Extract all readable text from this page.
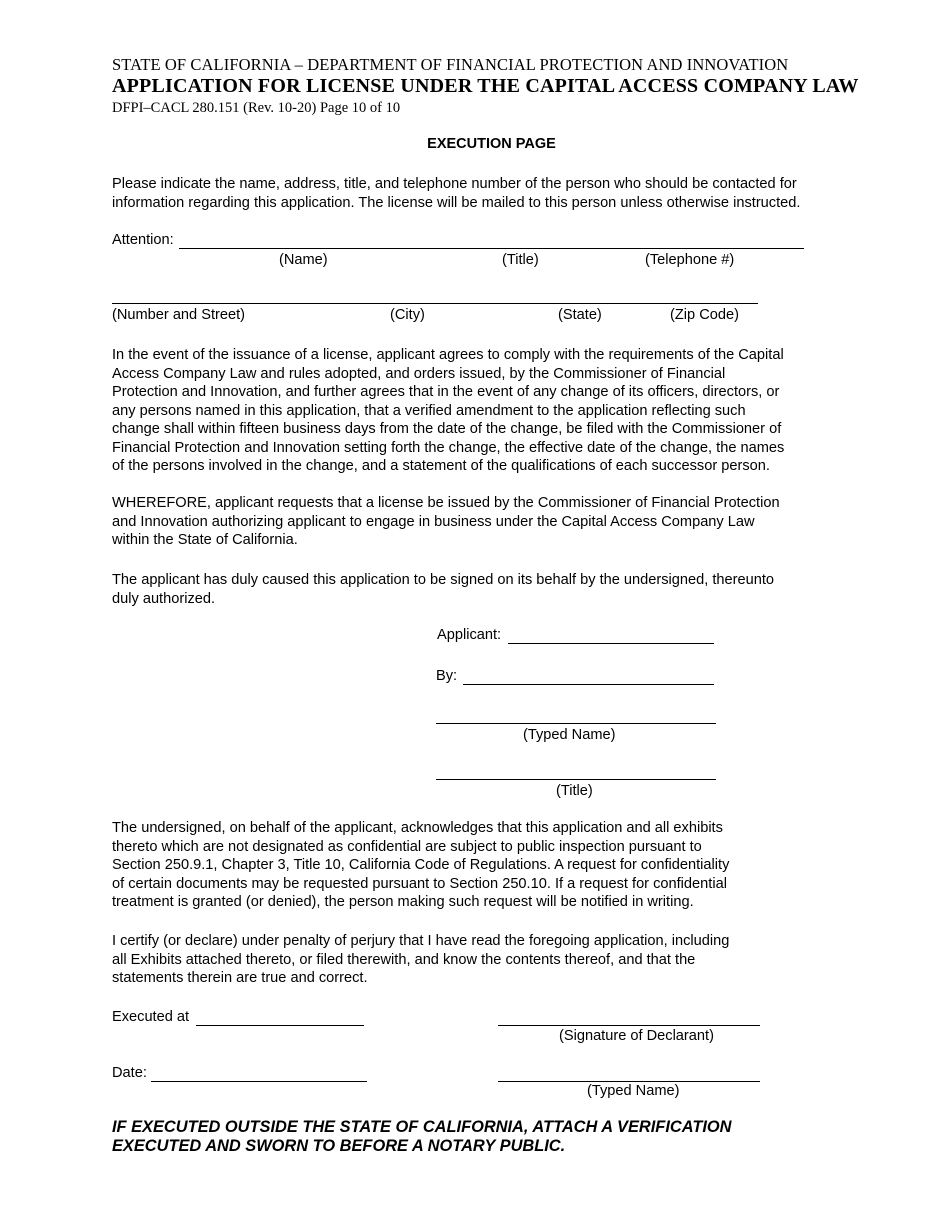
STATE OF CALIFORNIA – DEPARTMENT OF FINANCIAL PROTECTION AND INNOVATION
APPLICATION FOR LICENSE UNDER THE CAPITAL ACCESS COMPANY LAW
DFPI–CACL 280.151 (Rev. 10-20) Page 10 of 10
EXECUTION PAGE
Please indicate the name, address, title, and telephone number of the person who should be contacted for
information regarding this application. The license will be mailed to this person unless otherwise instructed.
Attention:
(Name)	(Title)	(Telephone #)
(Number and Street)	(City)	(State)	(Zip Code)
In the event of the issuance of a license, applicant agrees to comply with the requirements of the Capital
Access Company Law and rules adopted, and orders issued, by the Commissioner of Financial
Protection and Innovation, and further agrees that in the event of any change of its officers, directors, or
any persons named in this application, that a verified amendment to the application reflecting such
change shall within fifteen business days from the date of the change, be filed with the Commissioner of
Financial Protection and Innovation setting forth the change, the effective date of the change, the names
of the persons involved in the change, and a statement of the qualifications of each successor person.
WHEREFORE, applicant requests that a license be issued by the Commissioner of Financial Protection
and Innovation authorizing applicant to engage in business under the Capital Access Company Law
within the State of California.
The applicant has duly caused this application to be signed on its behalf by the undersigned, thereunto
duly authorized.
Applicant:
By:
(Typed Name)
(Title)
The undersigned, on behalf of the applicant, acknowledges that this application and all exhibits
thereto which are not designated as confidential are subject to public inspection pursuant to
Section 250.9.1, Chapter 3, Title 10, California Code of Regulations. A request for confidentiality
of certain documents may be requested pursuant to Section 250.10. If a request for confidential
treatment is granted (or denied), the person making such request will be notified in writing.
I certify (or declare) under penalty of perjury that I have read the foregoing application, including
all Exhibits attached thereto, or filed therewith, and know the contents thereof, and that the
statements therein are true and correct.
Executed at
(Signature of Declarant)
Date:
(Typed Name)
IF EXECUTED OUTSIDE THE STATE OF CALIFORNIA, ATTACH A VERIFICATION
EXECUTED AND SWORN TO BEFORE A NOTARY PUBLIC.
